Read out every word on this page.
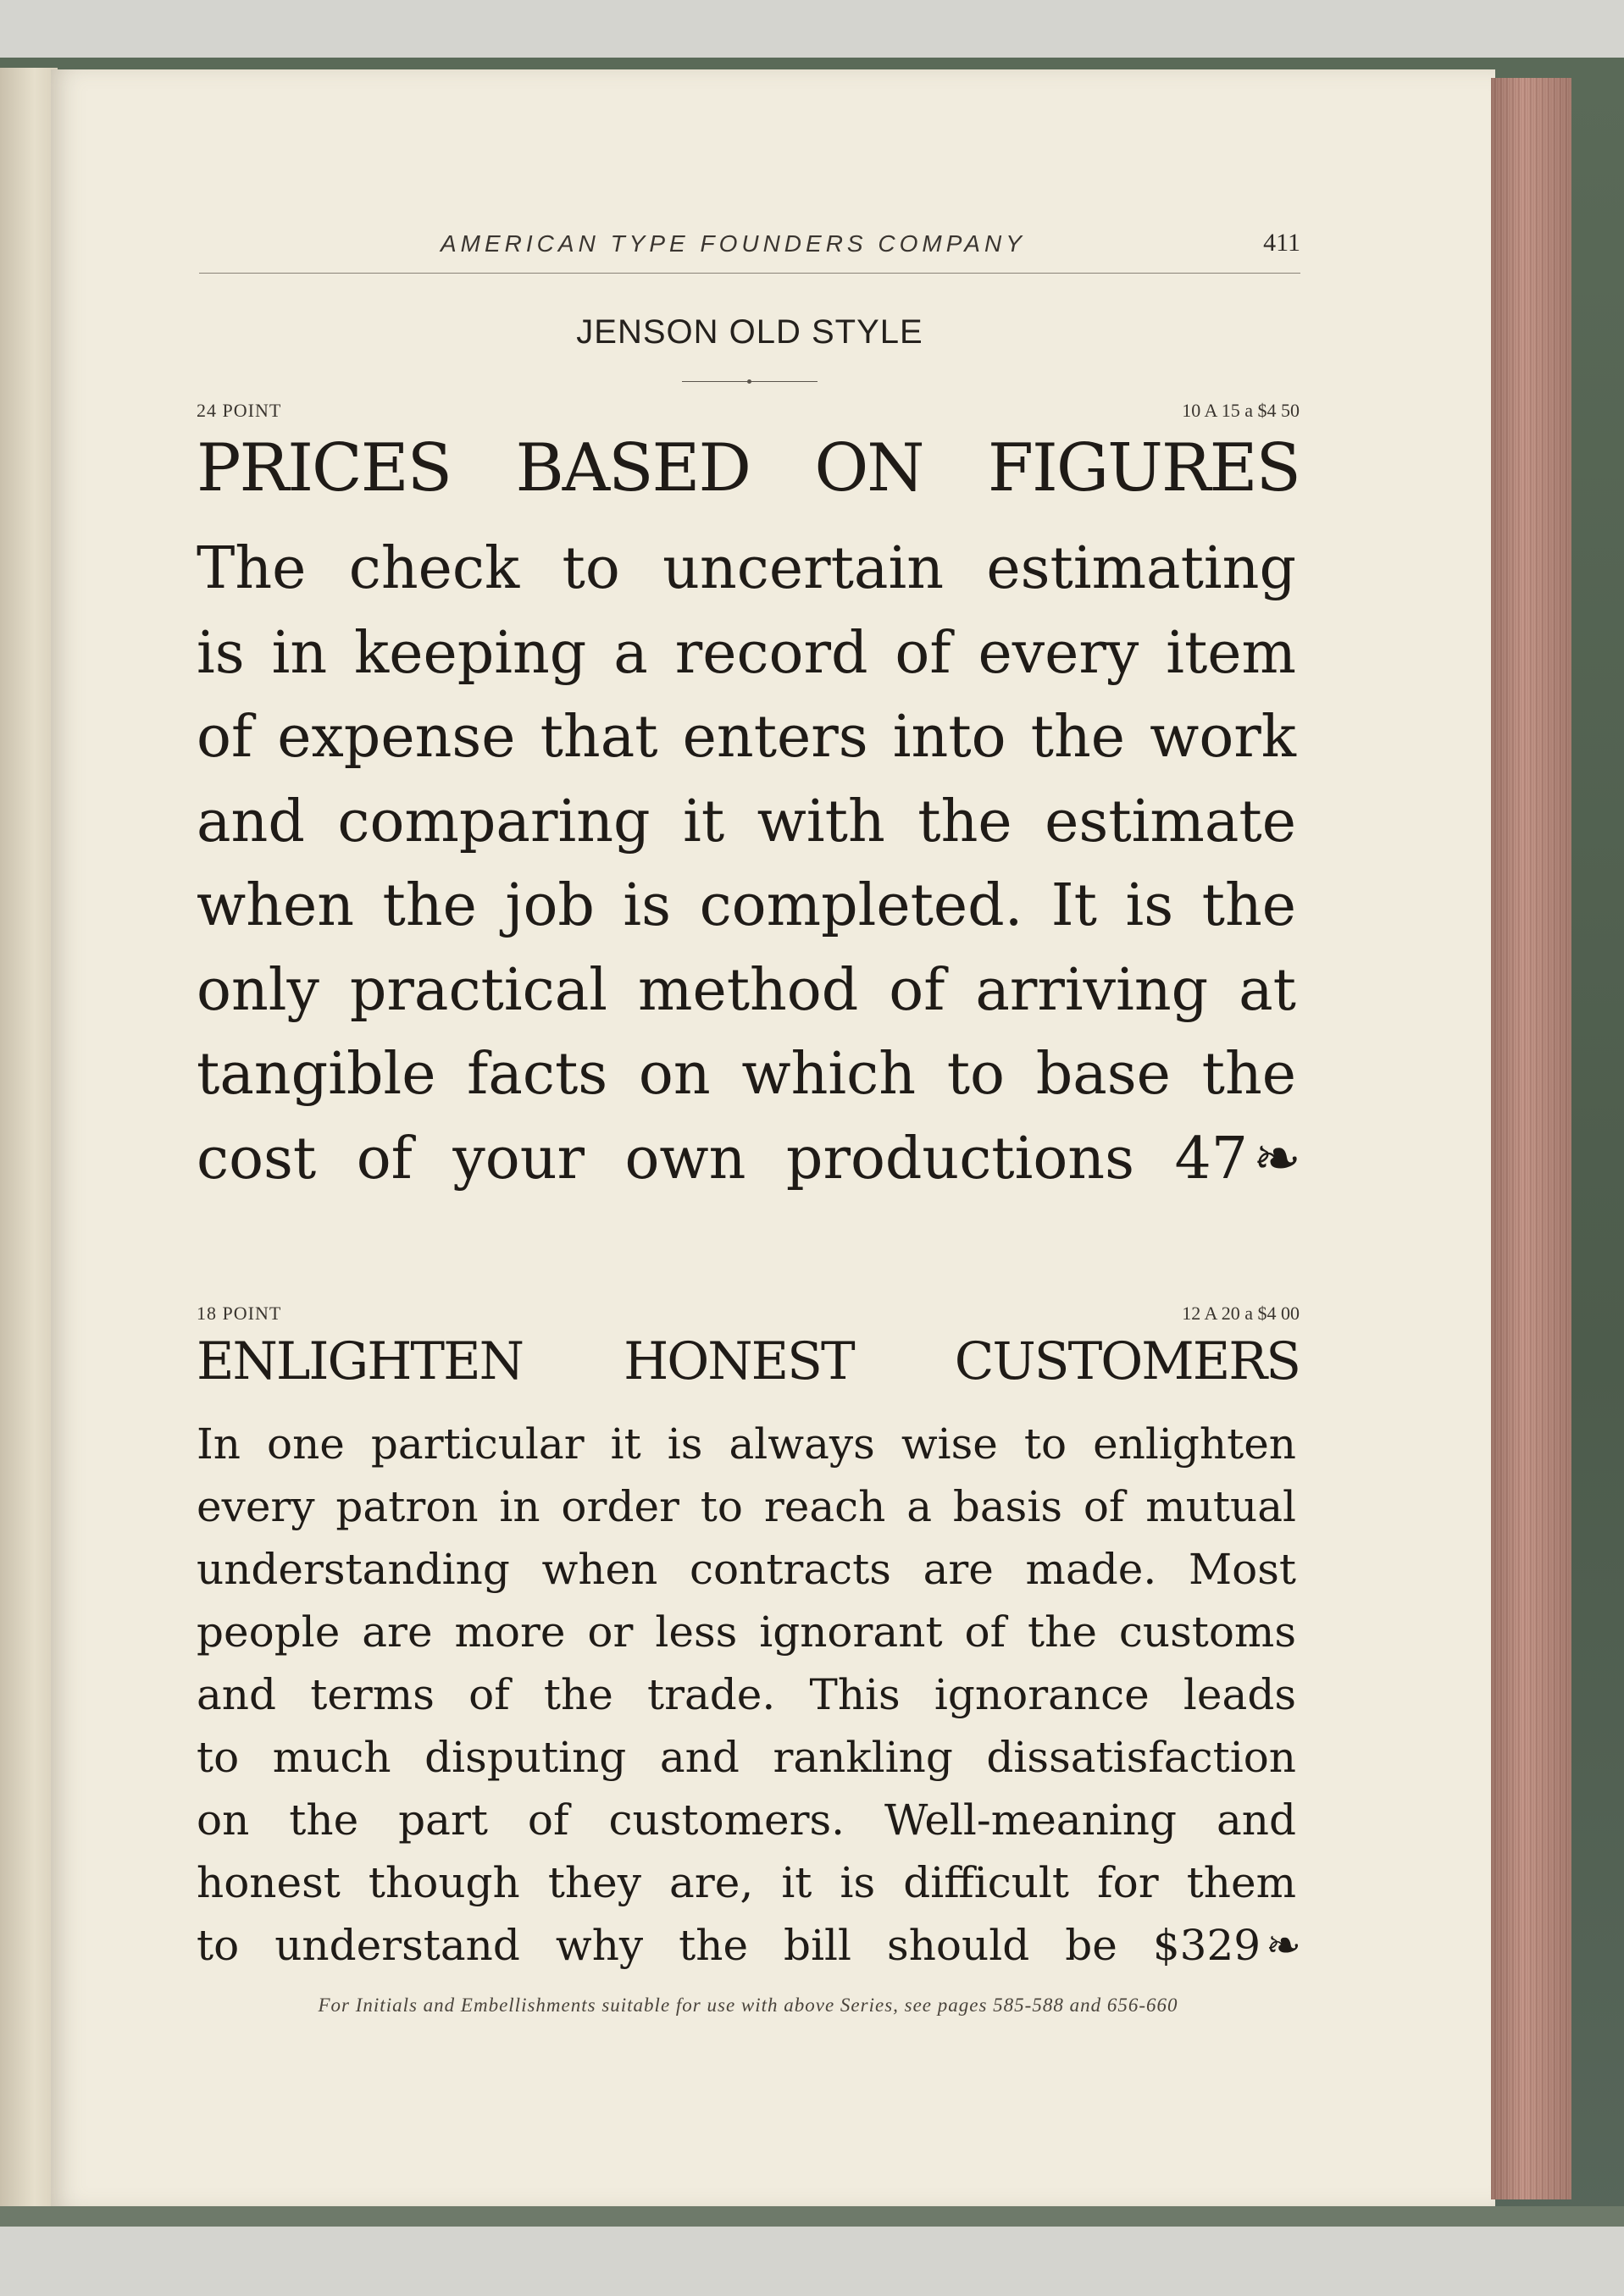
AMERICAN TYPE FOUNDERS COMPANY	411
JENSON OLD STYLE
24 POINT	10 A 15 a $4 50
PRICES BASED ON FIGURES
The check to uncertain estimating
is in keeping a record of every item
of expense that enters into the work
and comparing it with the estimate
when the job is completed. It is the
only practical method of arriving at
tangible facts on which to base the
cost of your own productions 47❧
18 POINT	12 A 20 a $4 00
ENLIGHTEN HONEST CUSTOMERS
In one particular it is always wise to enlighten
every patron in order to reach a basis of mutual
understanding when contracts are made. Most
people are more or less ignorant of the customs
and terms of the trade. This ignorance leads
to much disputing and rankling dissatisfaction
on the part of customers. Well-meaning and
honest though they are, it is difficult for them
to understand why the bill should be $329 ❧
For Initials and Embellishments suitable for use with above Series, see pages 585-588 and 656-660
